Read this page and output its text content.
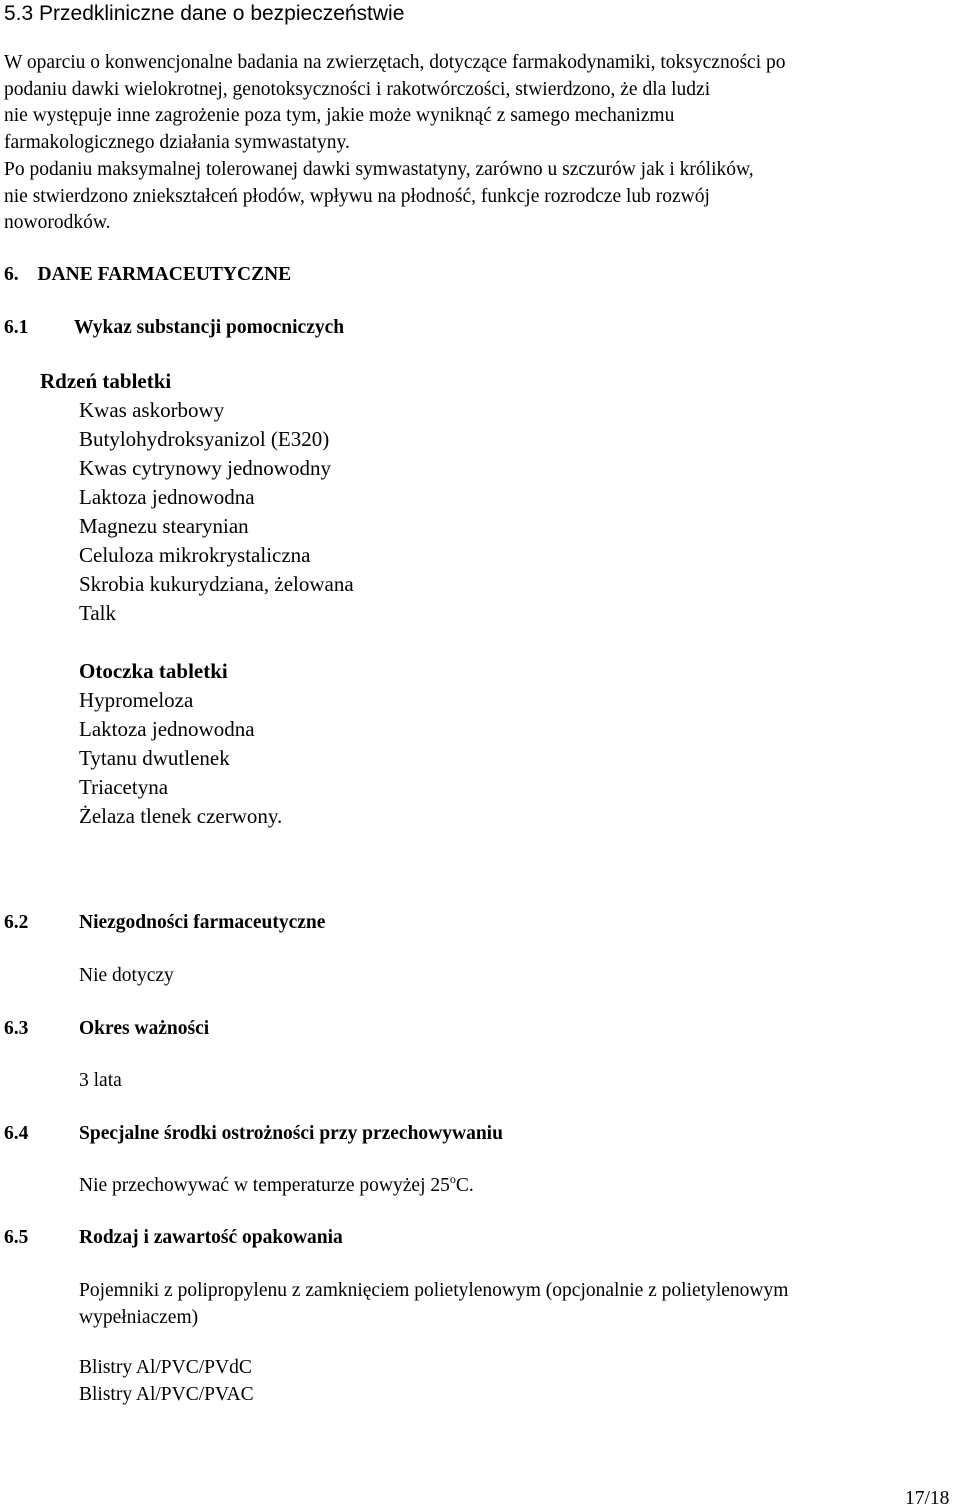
5.3 Przedkliniczne dane o bezpieczeństwie
W oparciu o konwencjonalne badania na zwierzętach, dotyczące farmakodynamiki, toksyczności po
podaniu dawki wielokrotnej, genotoksyczności i rakotwórczości, stwierdzono, że dla ludzi
nie występuje inne zagrożenie poza tym, jakie może wyniknąć z samego mechanizmu
farmakologicznego działania symwastatyny.
Po podaniu maksymalnej tolerowanej dawki symwastatyny, zarówno u szczurów jak i królików,
nie stwierdzono zniekształceń płodów, wpływu na płodność, funkcje rozrodcze lub rozwój
noworodków.
6. DANE FARMACEUTYCZNE
6.1 Wykaz substancji pomocniczych
Rdzeń tabletki
Kwas askorbowy
Butylohydroksyanizol (E320)
Kwas cytrynowy jednowodny
Laktoza jednowodna
Magnezu stearynian
Celuloza mikrokrystaliczna
Skrobia kukurydziana, żelowana
Talk
Otoczka tabletki
Hypromeloza
Laktoza jednowodna
Tytanu dwutlenek
Triacetyna
Żelaza tlenek czerwony.
6.2	Niezgodności farmaceutyczne
Nie dotyczy
6.3	Okres ważności
3 lata
6.4	Specjalne środki ostrożności przy przechowywaniu
Nie przechowywać w temperaturze powyżej 25$^o$C.
6.5	Rodzaj i zawartość opakowania
Pojemniki z polipropylenu z zamknięciem polietylenowym (opcjonalnie z polietylenowym
wypełniaczem)
Blistry Al/PVC/PVdC
Blistry Al/PVC/PVAC
17/18
